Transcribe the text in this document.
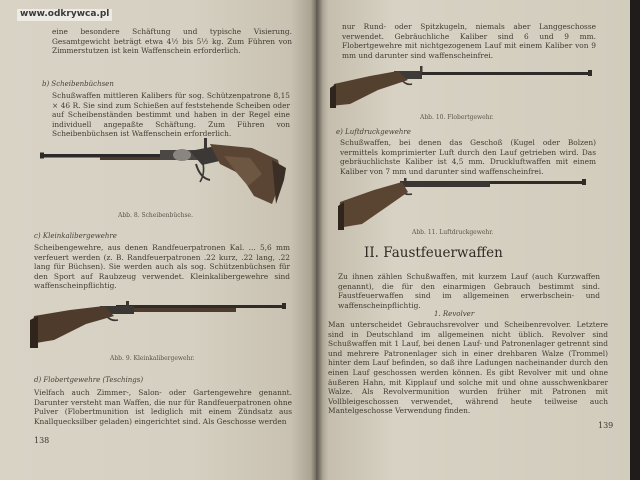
www.odkrywca.pl

eine besondere Schäftung und typische Visierung. Gesamtgewicht beträgt etwa 4½ bis 5½ kg. Zum Führen von Zimmerstutzen ist kein Waffenschein erforderlich.

b) Scheibenbüchsen

Schußwaffen mittleren Kalibers für sog. Schützenpatrone 8,15 × 46 R. Sie sind zum Schießen auf feststehende Scheiben oder auf Scheibenständen bestimmt und haben in der Regel eine individuell angepaßte Schäftung. Zum Führen von Scheibenbüchsen ist Waffenschein erforderlich.

Abb. 8. Scheibenbüchse.
c) Kleinkalibergewehre

Scheibengewehre, aus denen Randfeuerpatronen Kal. ... 5,6 mm verfeuert werden (z. B. Randfeuerpatronen .22 kurz, .22 lang, .22 lang für Büchsen). Sie werden auch als sog. Schützenbüchsen für den Sport auf Raubzeug verwendet. Kleinkalibergewehre sind waffenscheinpflichtig.

Abb. 9. Kleinkalibergewehr.
d) Flobertgewehre (Teschings)

Vielfach auch Zimmer-, Salon- oder Gartengewehre genannt. Darunter versteht man Waffen, die nur für Randfeuerpatronen ohne Pulver (Flobertmunition ist lediglich mit einem Zündsatz aus Knallquecksilber geladen) eingerichtet sind. Als Geschosse werden

138

nur Rund- oder Spitzkugeln, niemals aber Langgeschosse verwendet. Gebräuchliche Kaliber sind 6 und 9 mm. Flobertgewehre mit nichtgezogenem Lauf mit einem Kaliber von 9 mm und darunter sind waffenscheinfrei.

Abb. 10. Flobertgewehr.
e) Luftdruckgewehre

Schußwaffen, bei denen das Geschoß (Kugel oder Bolzen) vermittels komprimierter Luft durch den Lauf getrieben wird. Das gebräuchlichste Kaliber ist 4,5 mm. Druckluftwaffen mit einem Kaliber von 7 mm und darunter sind waffenscheinfrei.

Abb. 11. Luftdruckgewehr.
II. Faustfeuerwaffen

Zu ihnen zählen Schußwaffen, mit kurzem Lauf (auch Kurzwaffen genannt), die für den einarmigen Gebrauch bestimmt sind. Faustfeuerwaffen sind im allgemeinen erwerbschein- und waffenscheinpflichtig.

1. Revolver

Man unterscheidet Gebrauchsrevolver und Scheibenrevolver. Letztere sind in Deutschland im allgemeinen nicht üblich. Revolver sind Schußwaffen mit 1 Lauf, bei denen Lauf- und Patronenlager getrennt sind und mehrere Patronenlager sich in einer drehbaren Walze (Trommel) hinter dem Lauf befinden, so daß ihre Ladungen nacheinander durch den einen Lauf geschossen werden können. Es gibt Revolver mit und ohne äußeren Hahn, mit Kipplauf und solche mit und ohne ausschwenkbarer Walze. Als Revolvermunition wurden früher mit Patronen mit Vollbleigeschossen verwendet, während heute teilweise auch Mantelgeschosse Verwendung finden.

139
